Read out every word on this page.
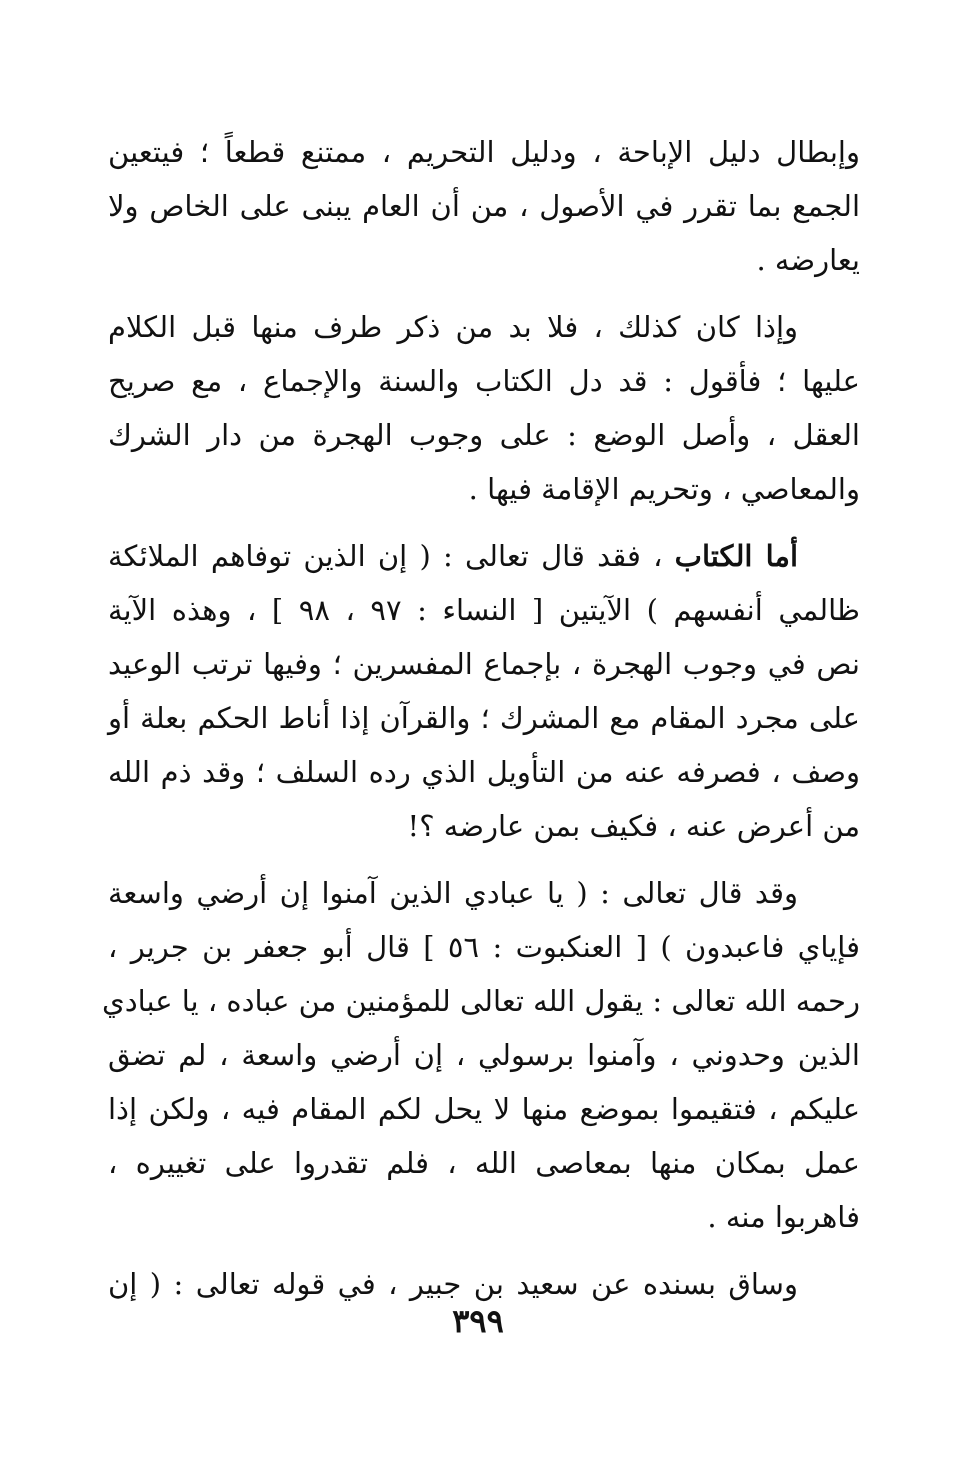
وإبطال دليل الإباحة ، ودليل التحريم ، ممتنع قطعاً ؛ فيتعين
الجمع بما تقرر في الأصول ، من أن العام يبنى على الخاص ولا
يعارضه .
وإذا كان كذلك ، فلا بد من ذكر طرف منها قبل الكلام
عليها ؛ فأقول : قد دل الكتاب والسنة والإجماع ، مع صريح
العقل ، وأصل الوضع : على وجوب الهجرة من دار الشرك
والمعاصي ، وتحريم الإقامة فيها .
أما الكتاب ، فقد قال تعالى : ( إن الذين توفاهم الملائكة
ظالمي أنفسهم ) الآيتين [ النساء : ٩٧ ، ٩٨ ] ، وهذه الآية
نص في وجوب الهجرة ، بإجماع المفسرين ؛ وفيها ترتب الوعيد
على مجرد المقام مع المشرك ؛ والقرآن إذا أناط الحكم بعلة أو
وصف ، فصرفه عنه من التأويل الذي رده السلف ؛ وقد ذم الله
من أعرض عنه ، فكيف بمن عارضه ؟!
وقد قال تعالى : ( يا عبادي الذين آمنوا إن أرضي واسعة
فإياي فاعبدون ) [ العنكبوت : ٥٦ ] قال أبو جعفر بن جرير ،
رحمه الله تعالى : يقول الله تعالى للمؤمنين من عباده ، يا عبادي
الذين وحدوني ، وآمنوا برسولي ، إن أرضي واسعة ، لم تضق
عليكم ، فتقيموا بموضع منها لا يحل لكم المقام فيه ، ولكن إذا
عمل بمكان منها بمعاصى الله ، فلم تقدروا على تغييره ،
فاهربوا منه .
وساق بسنده عن سعيد بن جبير ، في قوله تعالى : ( إن
٣٩٩
